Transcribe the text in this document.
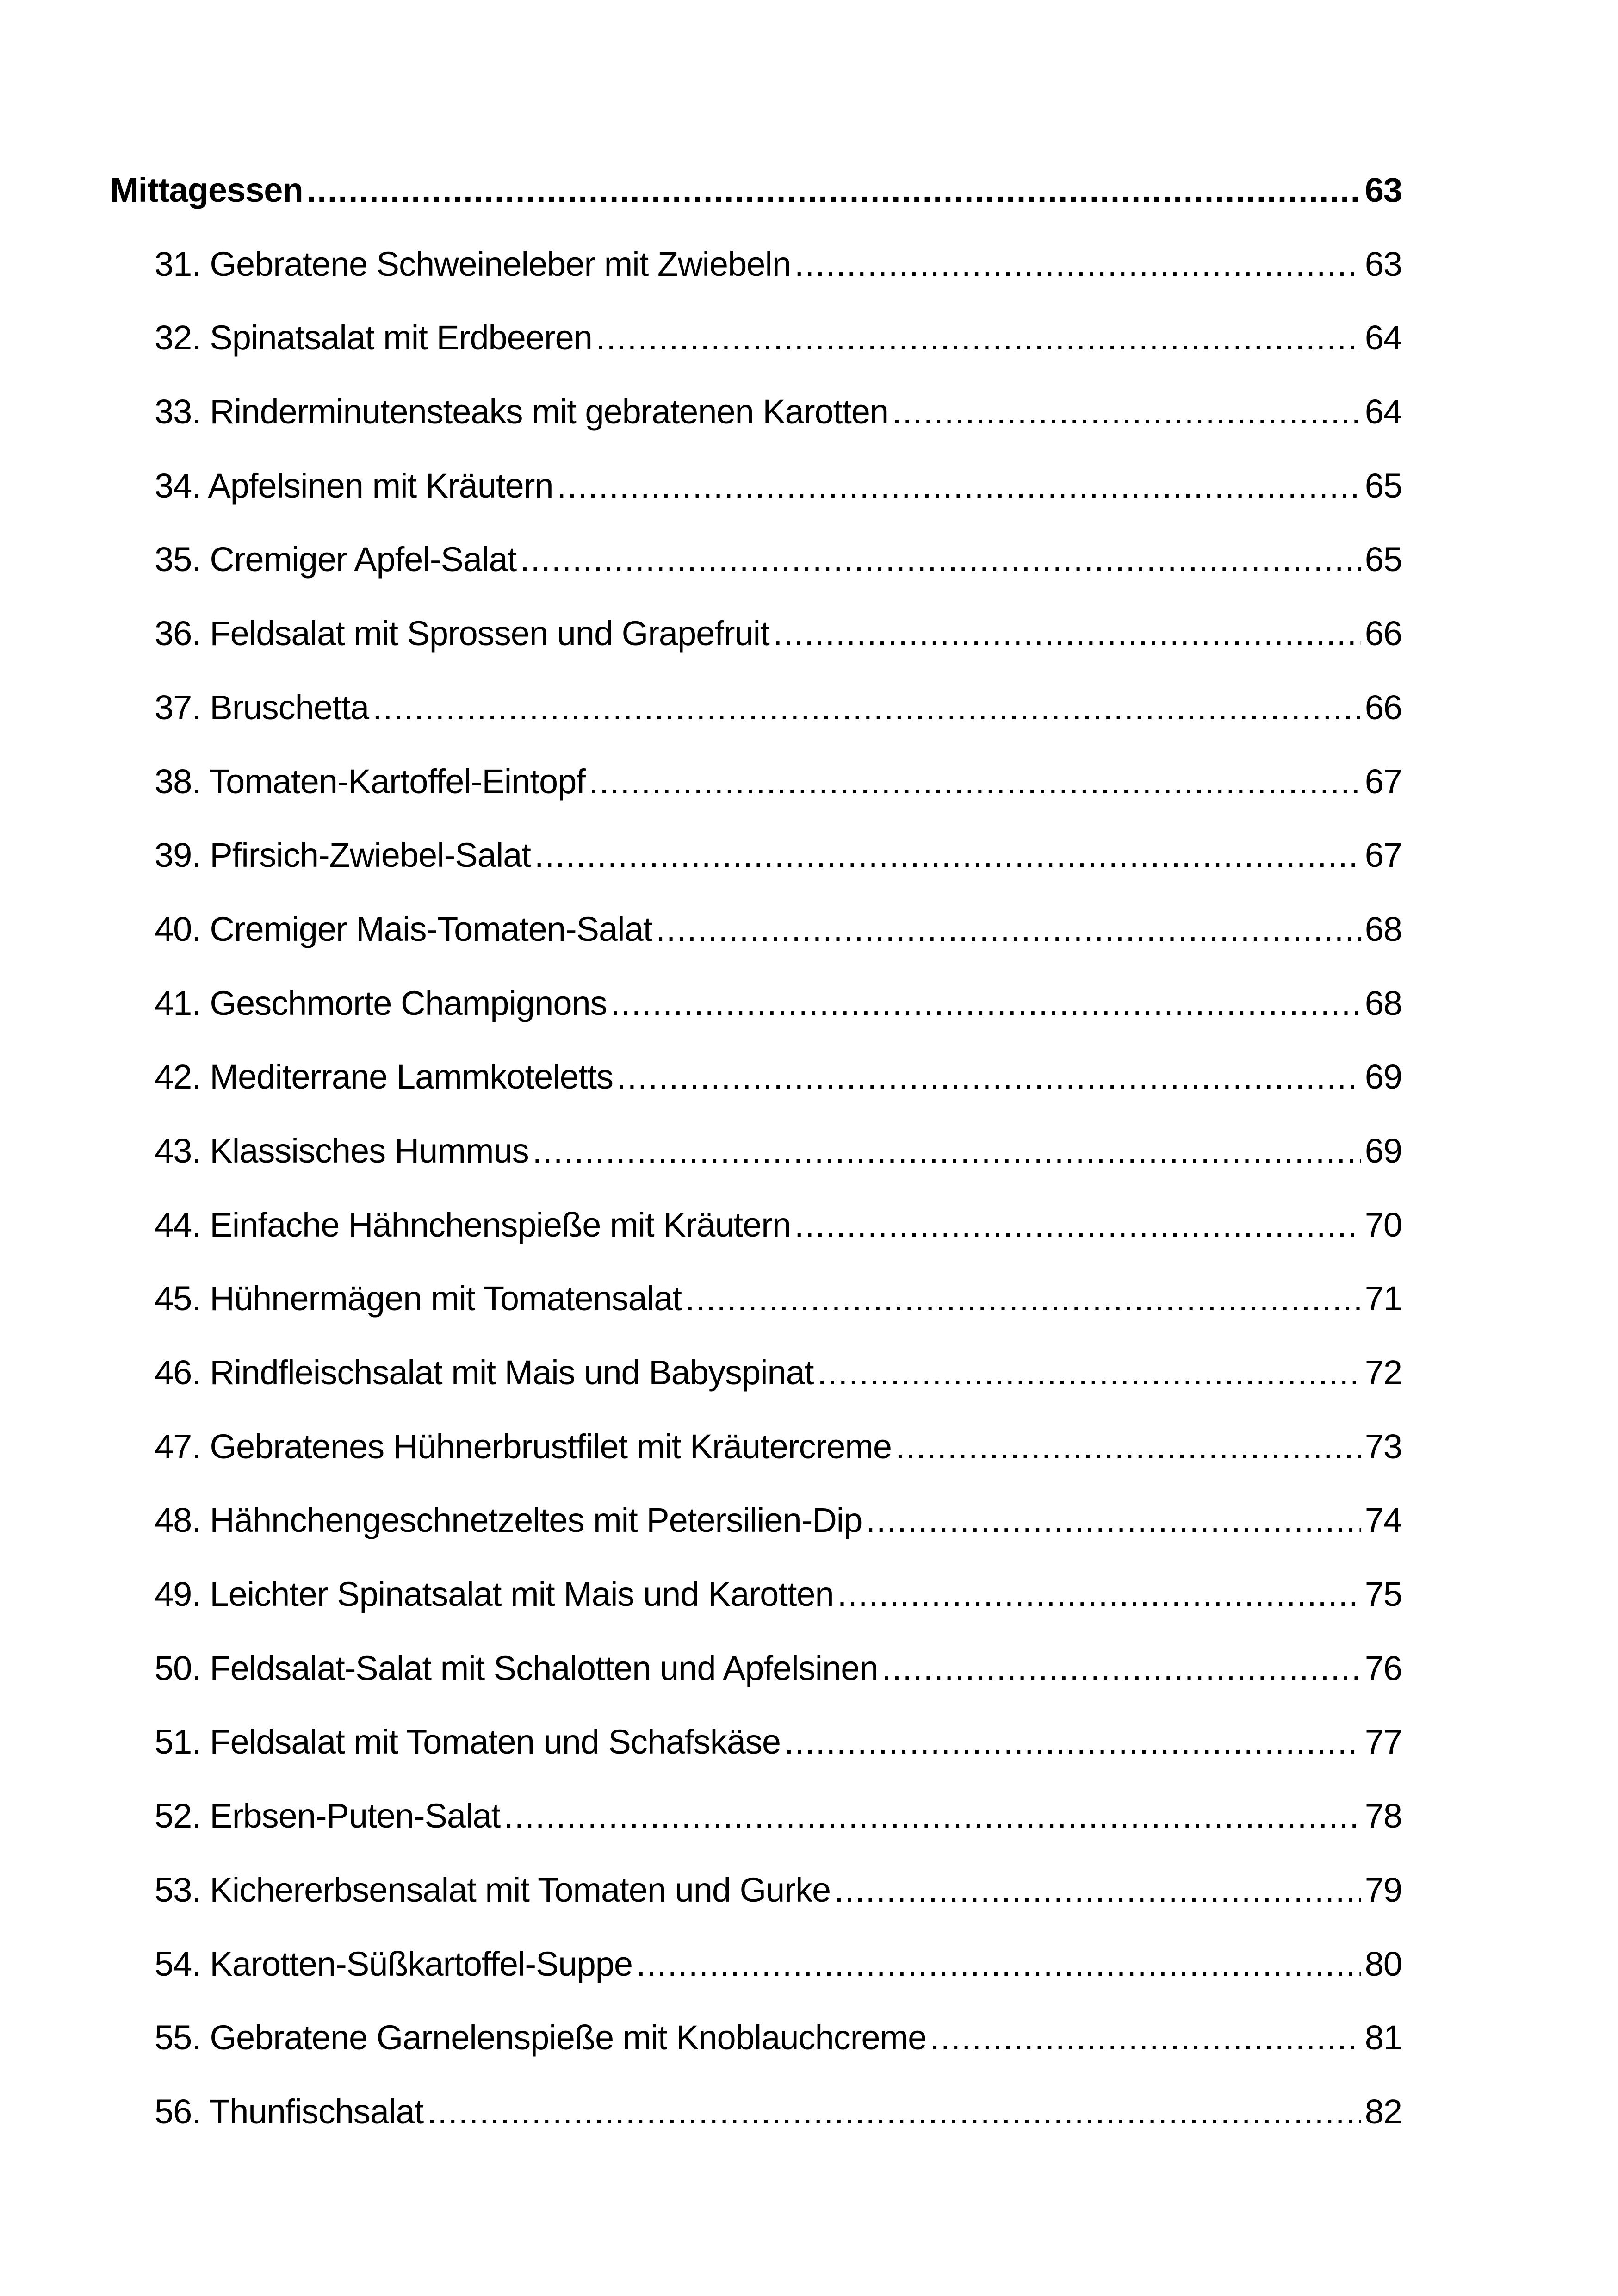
Mittagessen .....	63
31. Gebratene Schweineleber mit Zwiebeln .....	63
32. Spinatsalat mit Erdbeeren .....	64
33. Rinderminutensteaks mit gebratenen Karotten .....	64
34. Apfelsinen mit Kräutern .....	65
35. Cremiger Apfel-Salat .....	65
36. Feldsalat mit Sprossen und Grapefruit .....	66
37. Bruschetta .....	66
38. Tomaten-Kartoffel-Eintopf .....	67
39. Pfirsich-Zwiebel-Salat .....	67
40. Cremiger Mais-Tomaten-Salat .....	68
41. Geschmorte Champignons .....	68
42. Mediterrane Lammkoteletts .....	69
43. Klassisches Hummus .....	69
44. Einfache Hähnchenspieße mit Kräutern .....	70
45. Hühnermägen mit Tomatensalat .....	71
46. Rindfleischsalat mit Mais und Babyspinat .....	72
47. Gebratenes Hühnerbrustfilet mit Kräutercreme .....	73
48. Hähnchengeschnetzeltes mit Petersilien-Dip .....	74
49. Leichter Spinatsalat mit Mais und Karotten .....	75
50. Feldsalat-Salat mit Schalotten und Apfelsinen .....	76
51. Feldsalat mit Tomaten und Schafskäse .....	77
52. Erbsen-Puten-Salat .....	78
53. Kichererbsensalat mit Tomaten und Gurke .....	79
54. Karotten-Süßkartoffel-Suppe .....	80
55. Gebratene Garnelenspieße mit Knoblauchcreme .....	81
56. Thunfischsalat .....	82
